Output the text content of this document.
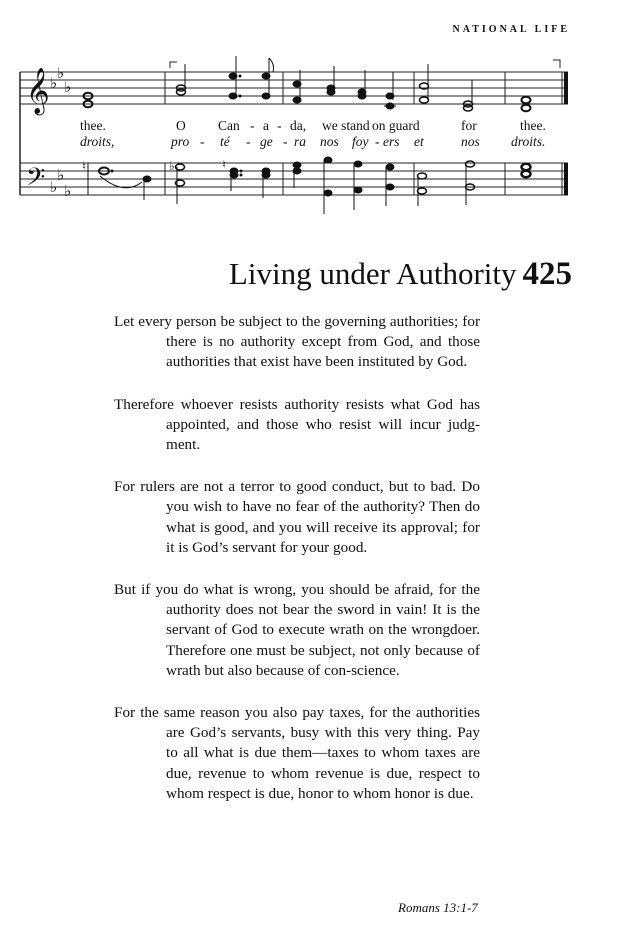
NATIONAL LIFE
𝄞
𝄢
♭
♭
♭
♭
♭
♭
♮	♭	♮
thee.	O Can - a - da, we stand on guard	for	thee.
droits,	pro - té - ge - ra nos foy - ers et	nos droits.
Living under Authority 425

Let every person be subject to the governing authorities; for there is no authority except from God, and those authorities that exist have been instituted by God.

Therefore whoever resists authority resists what God has appointed, and those who resist will incur judg-ment.

For rulers are not a terror to good conduct, but to bad. Do you wish to have no fear of the authority? Then do what is good, and you will receive its approval; for it is God’s servant for your good.

But if you do what is wrong, you should be afraid, for the authority does not bear the sword in vain! It is the servant of God to execute wrath on the wrongdoer. Therefore one must be subject, not only because of wrath but also because of con-science.

For the same reason you also pay taxes, for the authorities are God’s servants, busy with this very thing. Pay to all what is due them—taxes to whom taxes are due, revenue to whom revenue is due, respect to whom respect is due, honor to whom honor is due.

Romans 13:1-7
